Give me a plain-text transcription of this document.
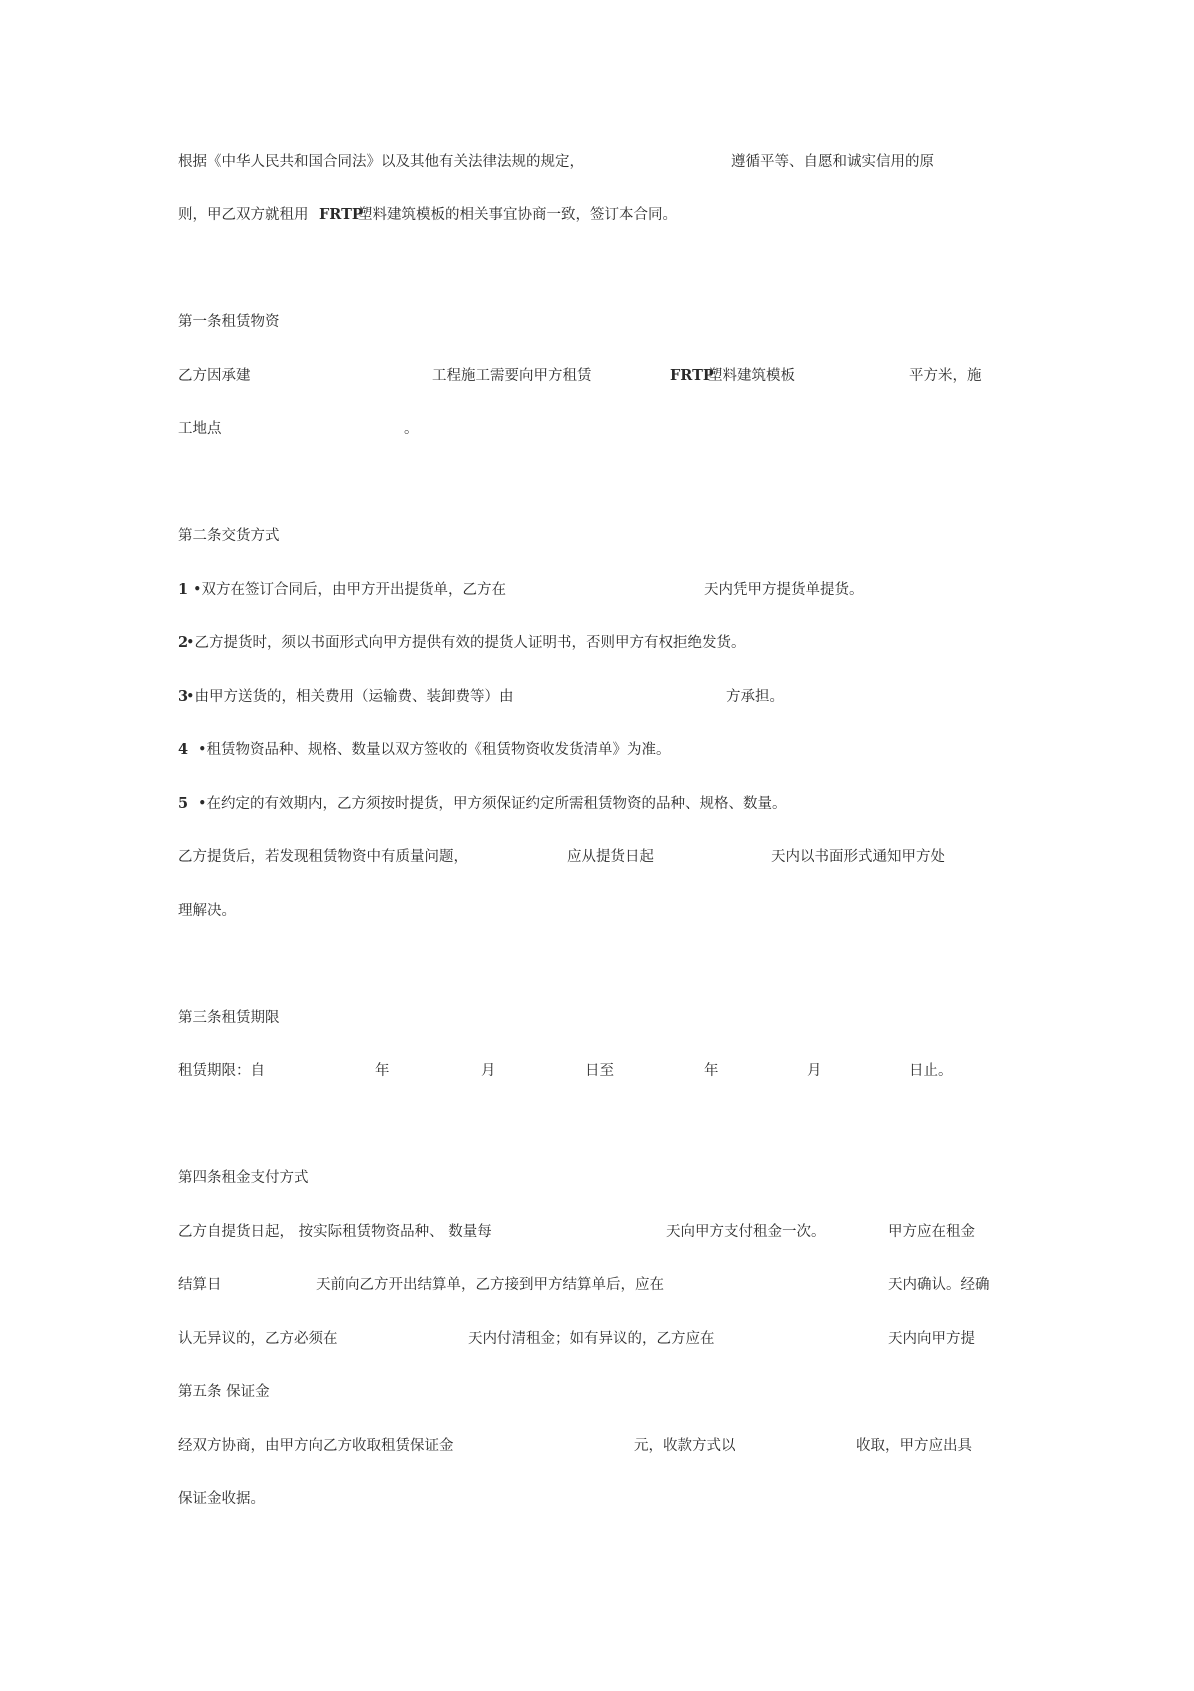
根据《中华人民共和国合同法》以及其他有关法律法规的规定，	遵循平等、自愿和诚实信用的原
则，甲乙双方就租用 FRTP
塑料建筑模板的相关事宜协商一致，签订本合同。
第一条租赁物资
乙方因承建	工程施工需要向甲方租赁	FRTP
塑料建筑模板	平方米，施
工地点	。
第二条交货方式
1 •双方在签订合同后，由甲方开出提货单，乙方在	天内凭甲方提货单提货。
2
•乙方提货时，须以书面形式向甲方提供有效的提货人证明书，否则甲方有权拒绝发货。
3
•由甲方送货的，相关费用（运输费、装卸费等）由	方承担。
4 •租赁物资品种、规格、数量以双方签收的《租赁物资收发货清单》为准。
5 •在约定的有效期内，乙方须按时提货，甲方须保证约定所需租赁物资的品种、规格、数量。
乙方提货后，若发现租赁物资中有质量问题，	应从提货日起	天内以书面形式通知甲方处
理解决。
第三条租赁期限
租赁期限：自	年	月	日至	年	月	日止。
第四条租金支付方式
乙方自提货日起， 按实际租赁物资品种、 数量每	天向甲方支付租金一次。	甲方应在租金
结算日	天前向乙方开出结算单，乙方接到甲方结算单后，应在	天内确认。经确
认无异议的，乙方必须在	天内付清租金；如有异议的，乙方应在	天内向甲方提
第五条 保证金
经双方协商，由甲方向乙方收取租赁保证金	元，收款方式以	收取，甲方应出具
保证金收据。
